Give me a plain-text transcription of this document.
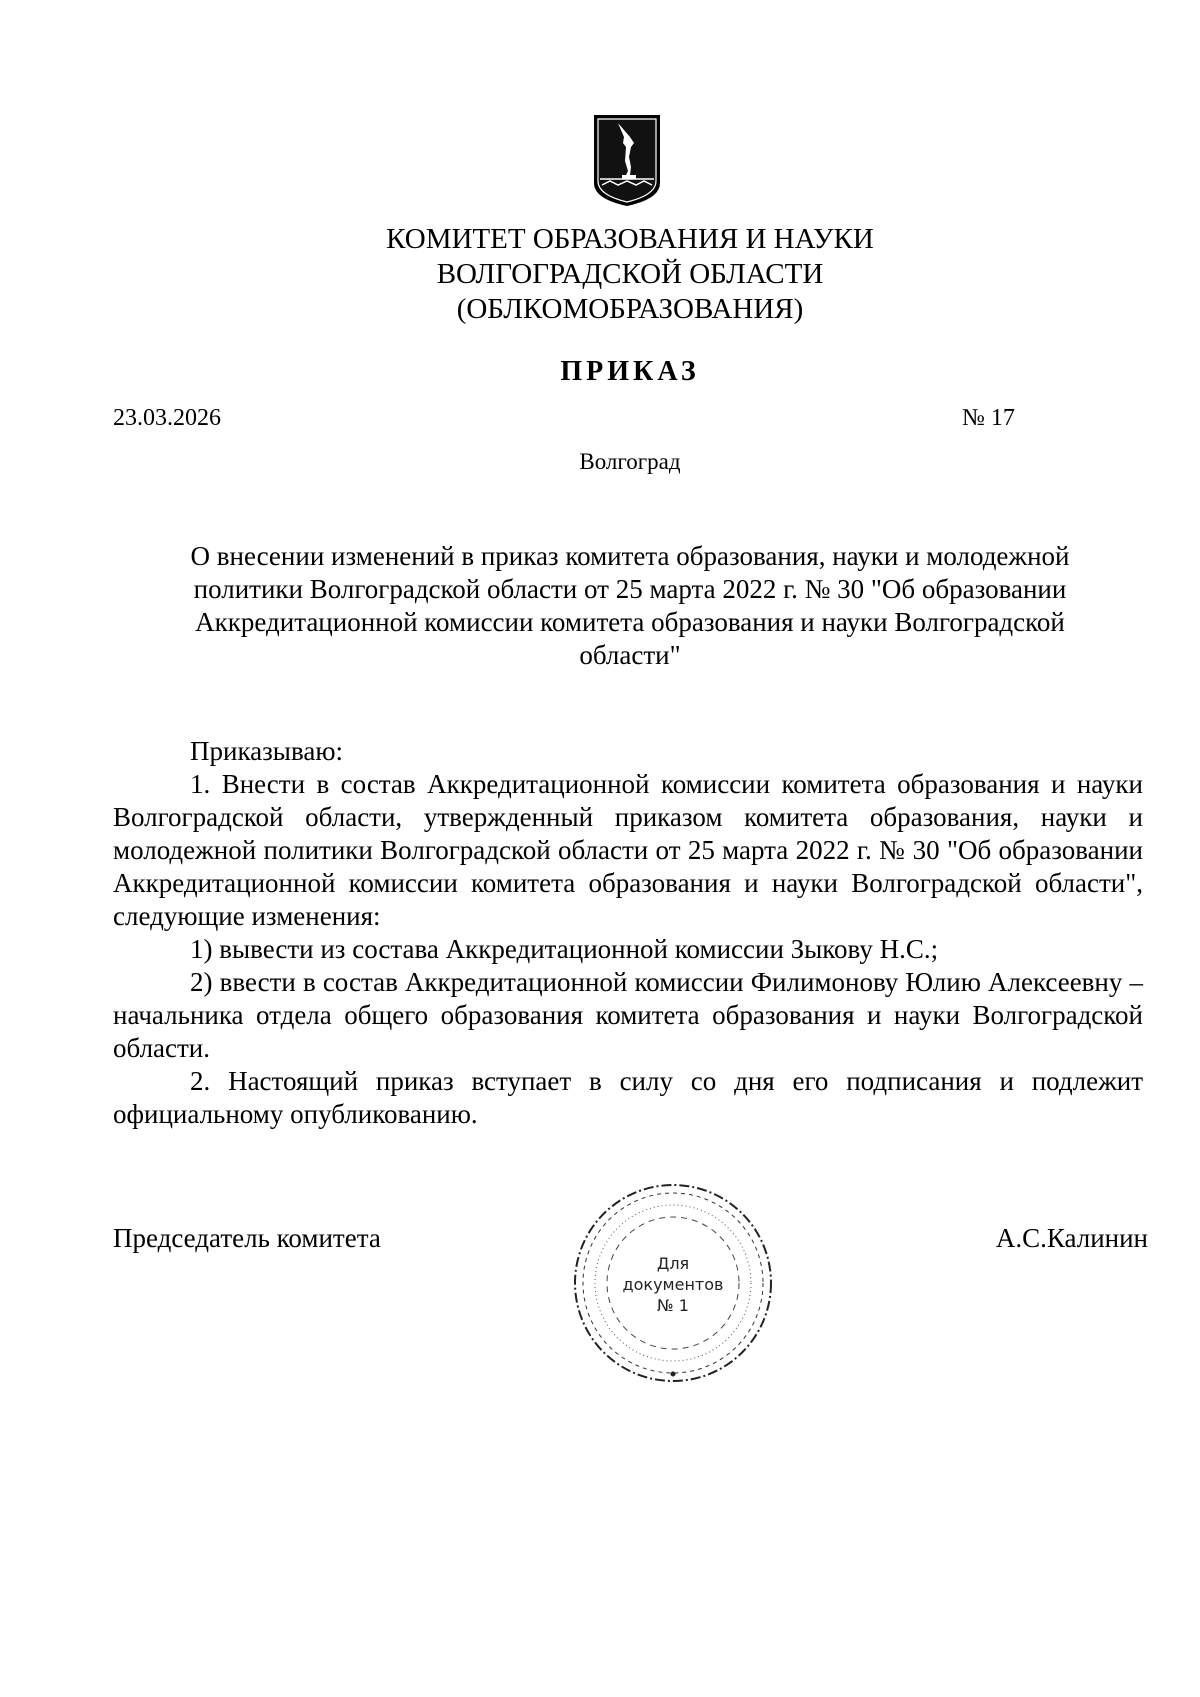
КОМИТЕТ ОБРАЗОВАНИЯ И НАУКИ
ВОЛГОГРАДСКОЙ ОБЛАСТИ
(ОБЛКОМОБРАЗОВАНИЯ)
ПРИКАЗ
23.03.2026	№ 17
Волгоград
О внесении изменений в приказ комитета образования, науки и молодежной политики Волгоградской области от 25 марта 2022 г. № 30 "Об образовании Аккредитационной комиссии комитета образования и науки Волгоградской области"

Приказываю:

1. Внести в состав Аккредитационной комиссии комитета образования и науки Волгоградской области, утвержденный приказом комитета образования, науки и молодежной политики Волгоградской области от 25 марта 2022 г. № 30 "Об образовании Аккредитационной комиссии комитета образования и науки Волгоградской области", следующие изменения:

1) вывести из состава Аккредитационной комиссии Зыкову Н.С.;

2) ввести в состав Аккредитационной комиссии Филимонову Юлию Алексеевну – начальника отдела общего образования комитета образования и науки Волгоградской области.

2. Настоящий приказ вступает в силу со дня его подписания и подлежит официальному опубликованию.

Председатель комитета
Для
документов
№ 1
А.С.Калинин
